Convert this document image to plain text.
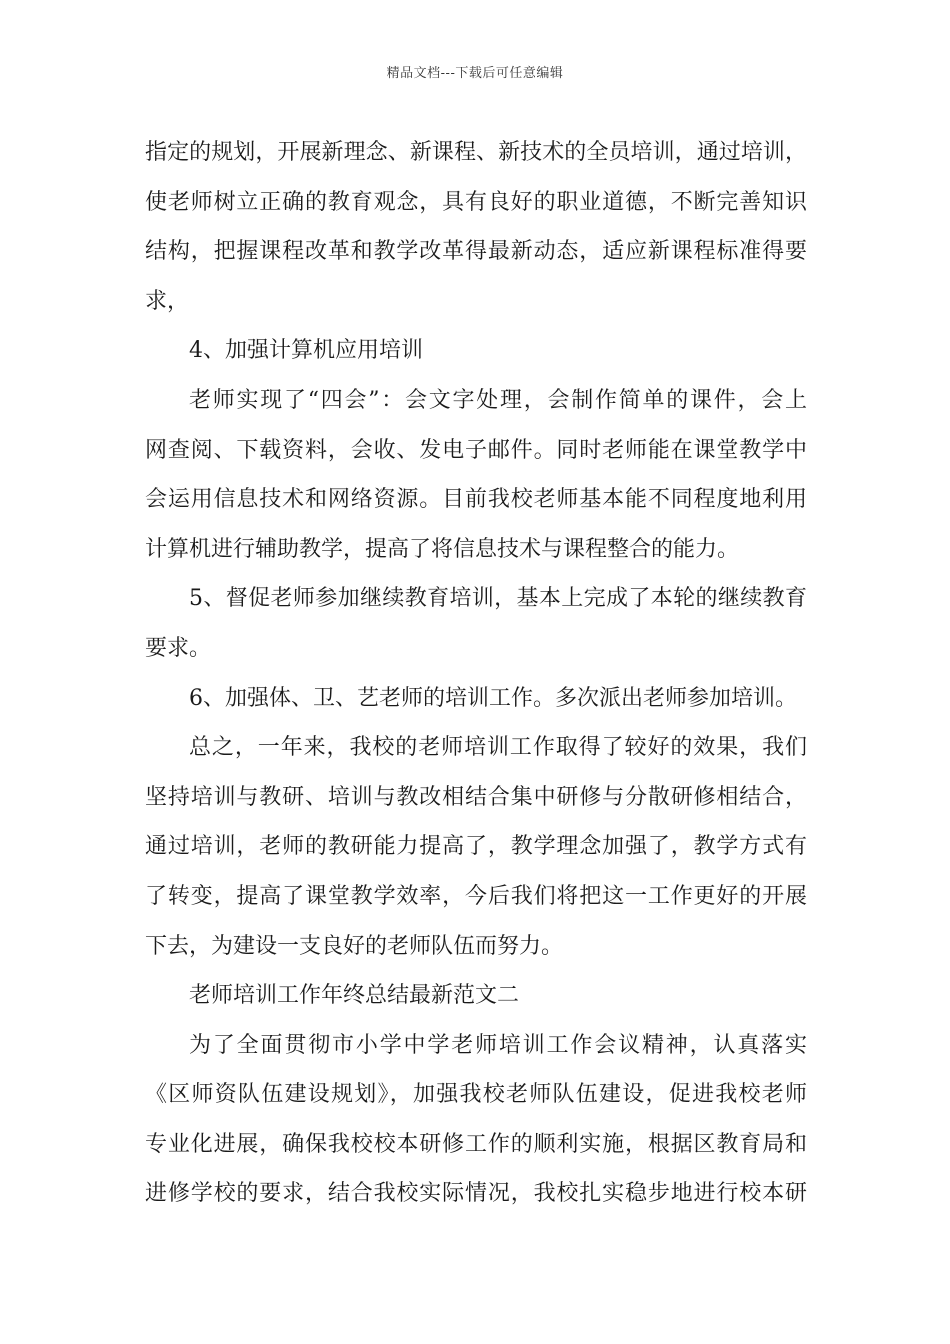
精品文档---下载后可任意编辑
指定的规划，开展新理念、新课程、新技术的全员培训，通过培训，
使老师树立正确的教育观念，具有良好的职业道德，不断完善知识
结构，把握课程改革和教学改革得最新动态，适应新课程标准得要
求，
4、加强计算机应用培训
老师实现了“四会”：会文字处理，会制作简单的课件，会上
网查阅、下载资料，会收、发电子邮件。同时老师能在课堂教学中
会运用信息技术和网络资源。目前我校老师基本能不同程度地利用
计算机进行辅助教学，提高了将信息技术与课程整合的能力。
5、督促老师参加继续教育培训，基本上完成了本轮的继续教育
要求。
6、加强体、卫、艺老师的培训工作。多次派出老师参加培训。
总之，一年来，我校的老师培训工作取得了较好的效果，我们
坚持培训与教研、培训与教改相结合集中研修与分散研修相结合，
通过培训，老师的教研能力提高了，教学理念加强了，教学方式有
了转变，提高了课堂教学效率，今后我们将把这一工作更好的开展
下去，为建设一支良好的老师队伍而努力。
老师培训工作年终总结最新范文二
为了全面贯彻市小学中学老师培训工作会议精神，认真落实
《区师资队伍建设规划》，加强我校老师队伍建设，促进我校老师
专业化进展，确保我校校本研修工作的顺利实施，根据区教育局和
进修学校的要求，结合我校实际情况，我校扎实稳步地进行校本研
